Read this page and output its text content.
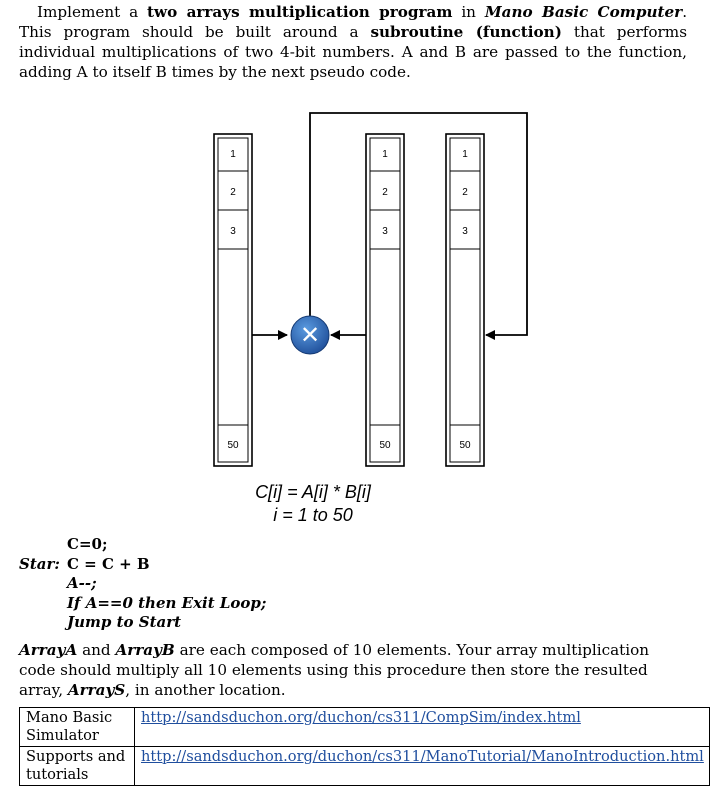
Implement a two arrays multiplication program in Mano Basic Computer. This program should be built around a subroutine (function) that performs individual multiplications of two 4-bit numbers. A and B are passed to the function, adding A to itself B times by the next pseudo code.
1
2
3
50
1
2
3
50
1
2
3
50
✕
C[i] = A[i] * B[i]
i = 1 to 50
C=0;
Star: C = C + B
A--;
If A==0 then Exit Loop;
Jump to Start
ArrayA and ArrayB are each composed of 10 elements. Your array multiplication code should multiply all 10 elements using this procedure then store the resulted array, ArrayS, in another location.
Mano Basic Simulator	http://sandsduchon.org/duchon/cs311/CompSim/index.html
Supports and tutorials	http://sandsduchon.org/duchon/cs311/ManoTutorial/ManoIntroduction.html
